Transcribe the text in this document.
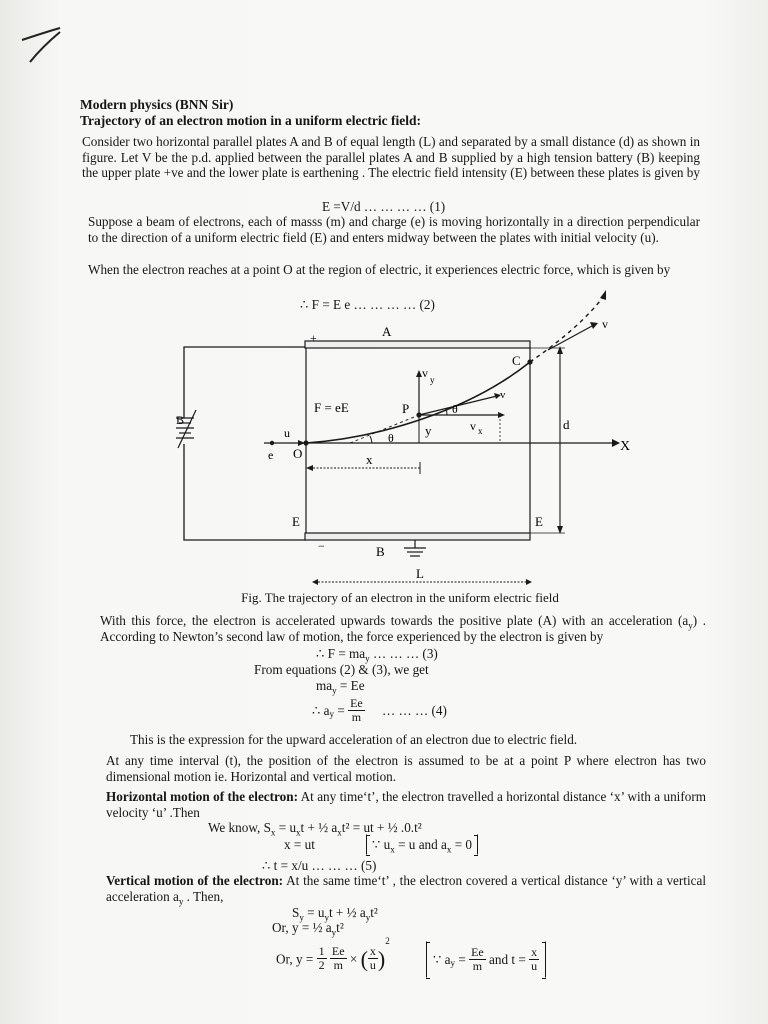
Modern physics (BNN Sir)
Trajectory of an electron motion in a uniform electric field:
Consider two horizontal parallel plates A and B of equal length (L) and separated by a small distance (d) as shown in figure. Let V be the p.d. applied between the parallel plates A and B supplied by a high tension battery (B) keeping the upper plate +ve and the lower plate is earthening . The electric field intensity (E) between these plates is given by
E =V/d … … … … (1)
Suppose a beam of electrons, each of masss (m) and charge (e) is moving horizontally in a direction perpendicular to the direction of a uniform electric field (E) and enters midway between the plates with initial velocity (u).
When the electron reaches at a point O at the region of electric, it experiences electric force, which is given by
∴ F = E e … … … … (2)
A
B
+
−
B
C
P
O
e
u
F = eE
v y
v x
v
v
θ
θ y
x
d
X
E	E
L
Fig. The trajectory of an electron in the uniform electric field
With this force, the electron is accelerated upwards towards the positive plate (A) with an acceleration $(a_y)$ . According to Newton’s second law of motion, the force experienced by the electron is given by
∴ $F = ma_y$ … … … (3)
From equations (2) & (3), we get
$ma_y = Ee$
∴ $a_y = \frac{Ee}{m}$ … … … (4)
This is the expression for the upward acceleration of an electron due to electric field.
At any time interval (t), the position of the electron is assumed to be at a point P where electron has two dimensional motion ie. Horizontal and vertical motion.
Horizontal motion of the electron: At any time‘t’, the electron travelled a horizontal distance ‘x’ with a uniform velocity ‘u’ .Then
We know, $S_x = u_xt$ + ½ $a_xt^2$ = ut + ½ .0.t²
x = ut	∵ $u_x = u$ and $a_x = 0$
∴ t = x/u … … … (5)
Vertical motion of the electron: At the same time‘t’ , the electron covered a vertical distance ‘y’ with a vertical acceleration $a_y$ . Then,
$S_y = u_yt$ + ½ $a_yt^2$
Or, y = ½ $a_yt^2$
Or, $y = \frac{1}{2}$
$\frac{Ee}{m}$ × ( $\frac{x}{u} )^2$
∵ $a_y = \frac{Ee}{m}$ and $t = \frac{x}{u}$
